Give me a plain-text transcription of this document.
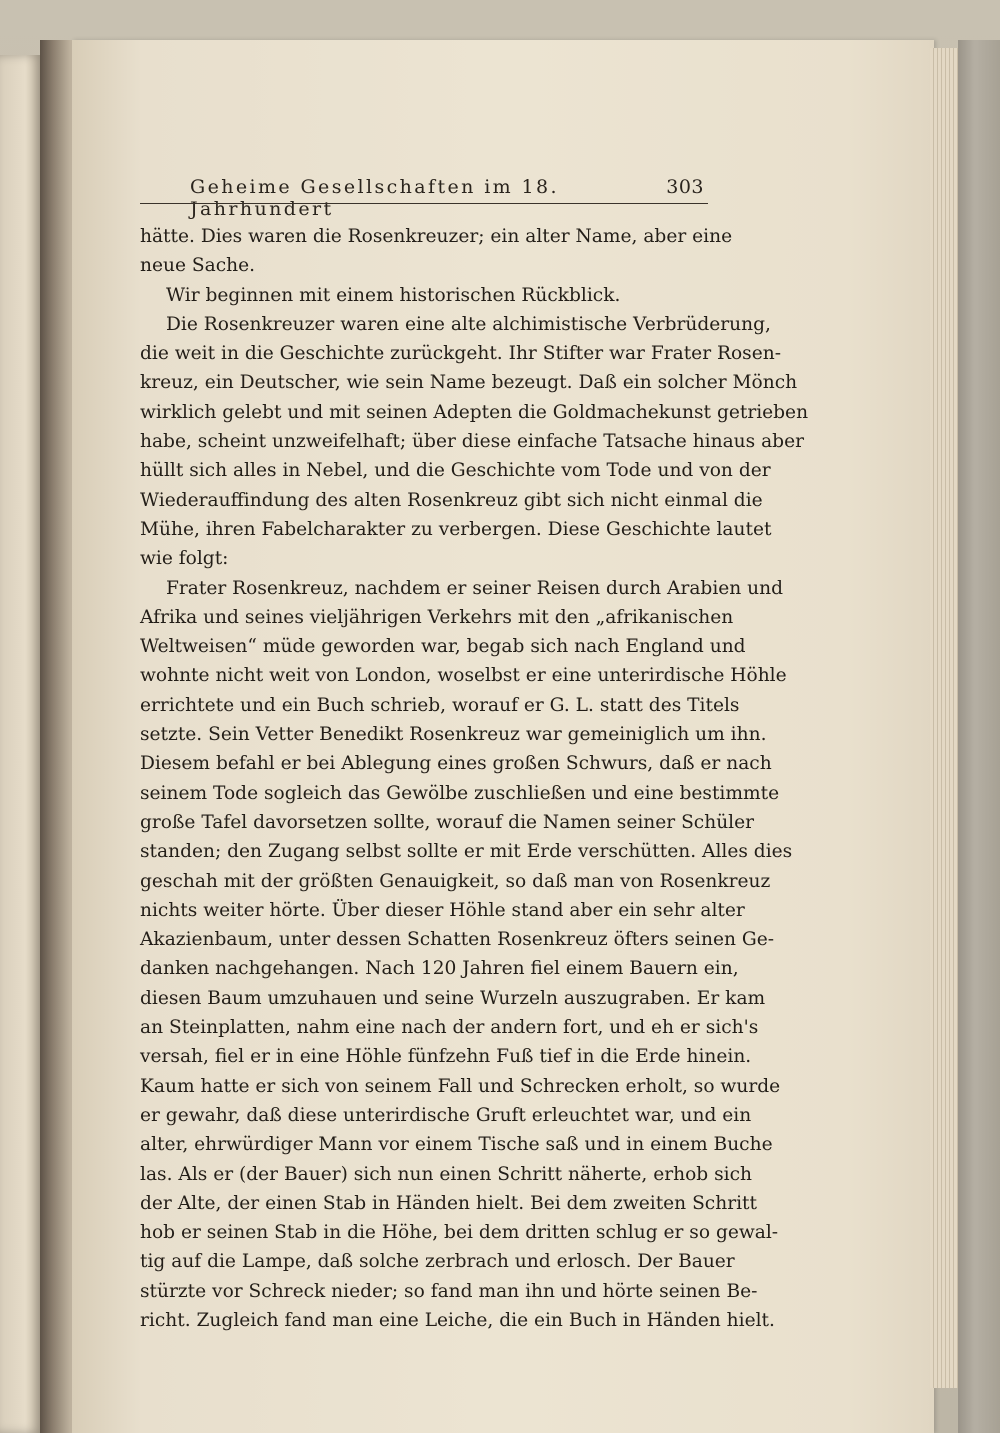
Geheime Gesellschaften im 18. Jahrhundert
303
hätte. Dies waren die Rosenkreuzer; ein alter Name, aber eine
neue Sache.
Wir beginnen mit einem historischen Rückblick.
Die Rosenkreuzer waren eine alte alchimistische Verbrüderung,
die weit in die Geschichte zurückgeht. Ihr Stifter war Frater Rosen-
kreuz, ein Deutscher, wie sein Name bezeugt. Daß ein solcher Mönch
wirklich gelebt und mit seinen Adepten die Goldmachekunst getrieben
habe, scheint unzweifelhaft; über diese einfache Tatsache hinaus aber
hüllt sich alles in Nebel, und die Geschichte vom Tode und von der
Wiederauffindung des alten Rosenkreuz gibt sich nicht einmal die
Mühe, ihren Fabelcharakter zu verbergen. Diese Geschichte lautet
wie folgt:
Frater Rosenkreuz, nachdem er seiner Reisen durch Arabien und
Afrika und seines vieljährigen Verkehrs mit den „afrikanischen
Weltweisen“ müde geworden war, begab sich nach England und
wohnte nicht weit von London, woselbst er eine unterirdische Höhle
errichtete und ein Buch schrieb, worauf er G. L. statt des Titels
setzte. Sein Vetter Benedikt Rosenkreuz war gemeiniglich um ihn.
Diesem befahl er bei Ablegung eines großen Schwurs, daß er nach
seinem Tode sogleich das Gewölbe zuschließen und eine bestimmte
große Tafel davorsetzen sollte, worauf die Namen seiner Schüler
standen; den Zugang selbst sollte er mit Erde verschütten. Alles dies
geschah mit der größten Genauigkeit, so daß man von Rosenkreuz
nichts weiter hörte. Über dieser Höhle stand aber ein sehr alter
Akazienbaum, unter dessen Schatten Rosenkreuz öfters seinen Ge-
danken nachgehangen. Nach 120 Jahren fiel einem Bauern ein,
diesen Baum umzuhauen und seine Wurzeln auszugraben. Er kam
an Steinplatten, nahm eine nach der andern fort, und eh er sich's
versah, fiel er in eine Höhle fünfzehn Fuß tief in die Erde hinein.
Kaum hatte er sich von seinem Fall und Schrecken erholt, so wurde
er gewahr, daß diese unterirdische Gruft erleuchtet war, und ein
alter, ehrwürdiger Mann vor einem Tische saß und in einem Buche
las. Als er (der Bauer) sich nun einen Schritt näherte, erhob sich
der Alte, der einen Stab in Händen hielt. Bei dem zweiten Schritt
hob er seinen Stab in die Höhe, bei dem dritten schlug er so gewal-
tig auf die Lampe, daß solche zerbrach und erlosch. Der Bauer
stürzte vor Schreck nieder; so fand man ihn und hörte seinen Be-
richt. Zugleich fand man eine Leiche, die ein Buch in Händen hielt.
